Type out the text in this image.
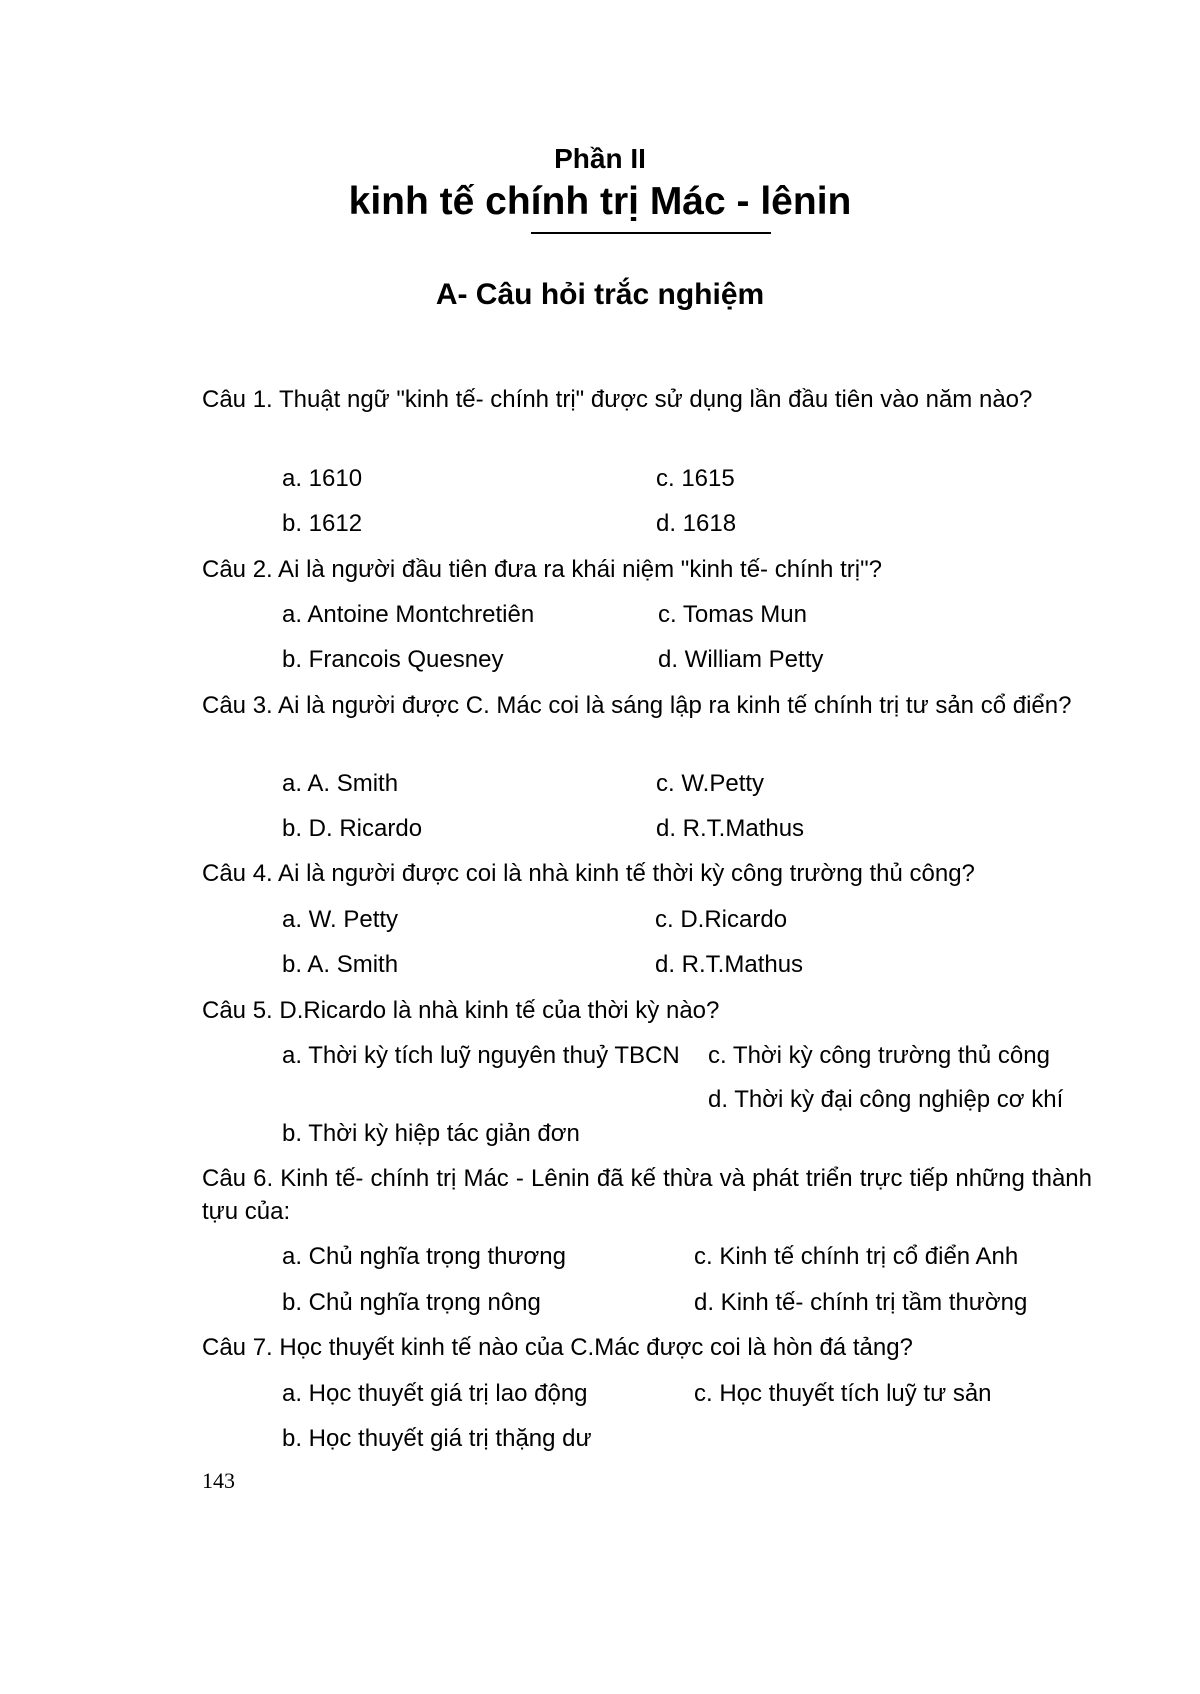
Phần II
kinh tế chính trị Mác - lênin
A- Câu hỏi trắc nghiệm
Câu 1. Thuật ngữ "kinh tế- chính trị" được sử dụng lần đầu tiên vào năm nào?
a. 1610
b. 1612
c. 1615
d. 1618
Câu 2. Ai là người đầu tiên đưa ra khái niệm "kinh tế- chính trị"?
a. Antoine Montchretiên
b. Francois Quesney
c. Tomas Mun
d. William Petty
Câu 3. Ai là người được C. Mác coi là sáng lập ra kinh tế chính trị tư sản cổ điển?
a. A. Smith
b. D. Ricardo
c. W.Petty
d. R.T.Mathus
Câu 4. Ai là người được coi là nhà kinh tế thời kỳ công trường thủ công?
a. W. Petty
b. A. Smith
c. D.Ricardo
d. R.T.Mathus
Câu 5. D.Ricardo là nhà kinh tế của thời kỳ nào?
a. Thời kỳ tích luỹ nguyên thuỷ TBCN
b. Thời kỳ hiệp tác giản đơn
c. Thời kỳ công trường thủ công
d. Thời kỳ đại công nghiệp cơ khí
Câu 6. Kinh tế- chính trị Mác - Lênin đã kế thừa và phát triển trực tiếp những thành tựu của:
a. Chủ nghĩa trọng thương
b. Chủ nghĩa trọng nông
c. Kinh tế chính trị cổ điển Anh
d. Kinh tế- chính trị tầm thường
Câu 7. Học thuyết kinh tế nào của C.Mác được coi là hòn đá tảng?
a. Học thuyết giá trị lao động
b. Học thuyết giá trị thặng dư
c. Học thuyết tích luỹ tư sản
143
